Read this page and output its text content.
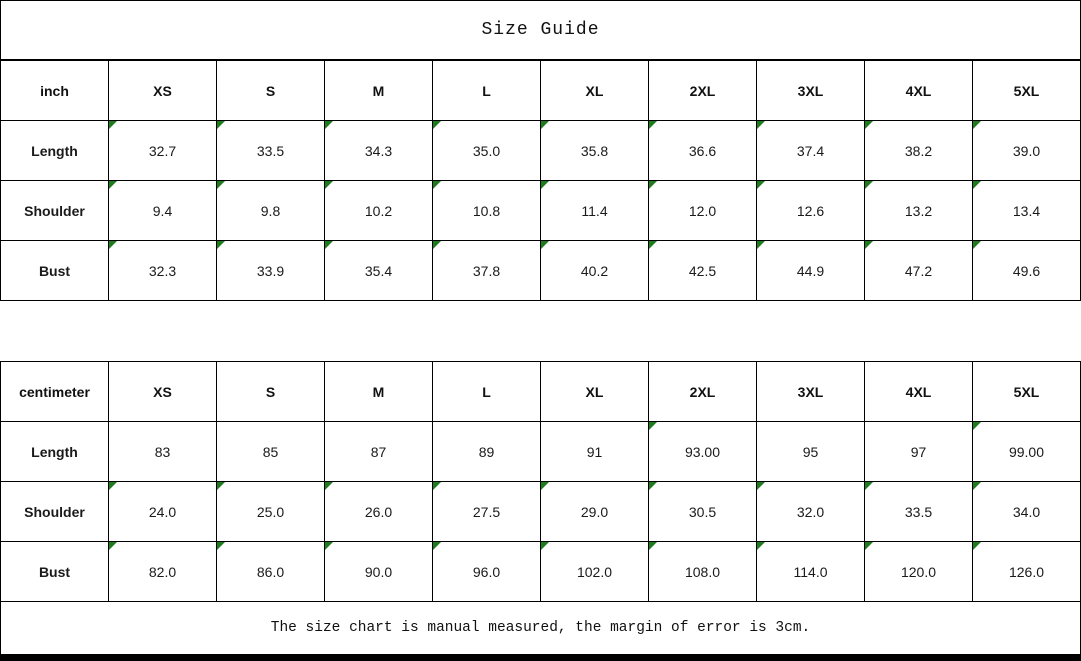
Size Guide
inch	XS	S	M	L	XL	2XL	3XL	4XL	5XL
Length	32.7	33.5	34.3	35.0	35.8	36.6	37.4	38.2	39.0
Shoulder	9.4	9.8	10.2	10.8	11.4	12.0	12.6	13.2	13.4
Bust	32.3	33.9	35.4	37.8	40.2	42.5	44.9	47.2	49.6
centimeter	XS	S	M	L	XL	2XL	3XL	4XL	5XL
Length	83	85	87	89	91	93.00	95	97	99.00
Shoulder	24.0	25.0	26.0	27.5	29.0	30.5	32.0	33.5	34.0
Bust	82.0	86.0	90.0	96.0	102.0	108.0	114.0	120.0	126.0
The size chart is manual measured, the margin of error is 3cm.
